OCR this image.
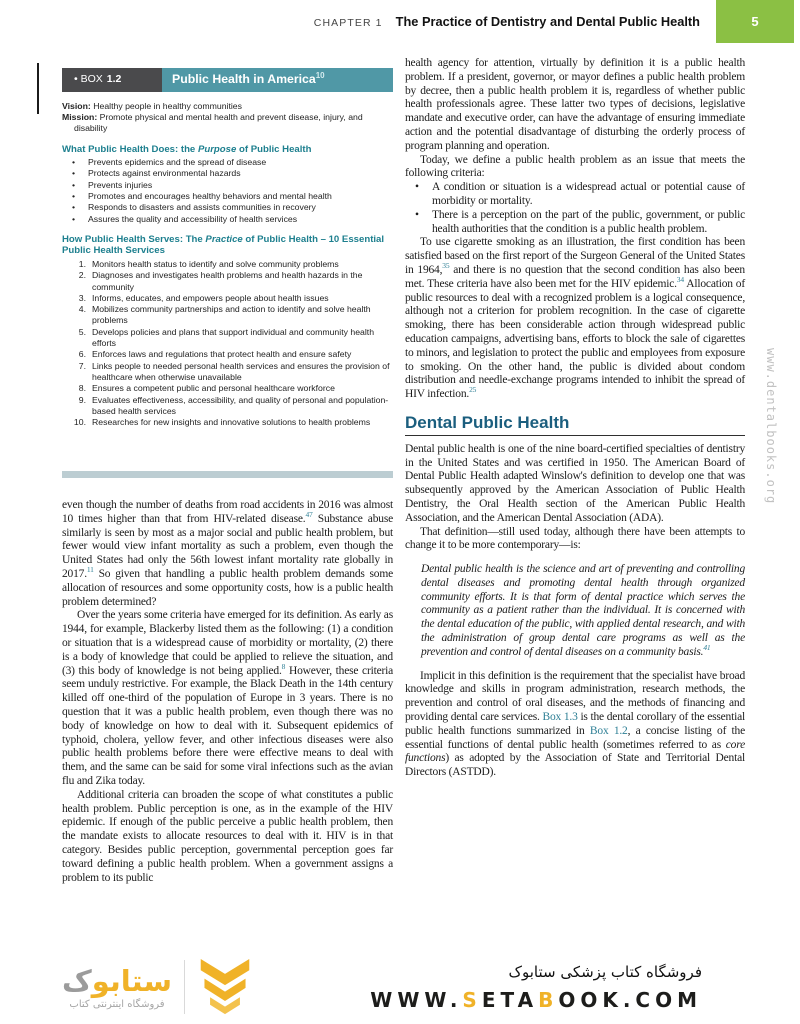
CHAPTER 1 The Practice of Dentistry and Dental Public Health	5
• BOX 1.2	Public Health in America$^{10}$

Vision: Healthy people in healthy communities

Mission: Promote physical and mental health and prevent disease, injury, and disability

What Public Health Does: the Purpose of Public Health
• Prevents epidemics and the spread of disease
• Protects against environmental hazards
• Prevents injuries
• Promotes and encourages healthy behaviors and mental health
• Responds to disasters and assists communities in recovery
• Assures the quality and accessibility of health services
How Public Health Serves: The Practice of Public Health – 10 Essential Public Health Services
Monitors health status to identify and solve community problems
Diagnoses and investigates health problems and health hazards in the community
Informs, educates, and empowers people about health issues
Mobilizes community partnerships and action to identify and solve health problems
Develops policies and plans that support individual and community health efforts
Enforces laws and regulations that protect health and ensure safety
Links people to needed personal health services and ensures the provision of healthcare when otherwise unavailable
Ensures a competent public and personal healthcare workforce
Evaluates effectiveness, accessibility, and quality of personal and population-based health services
Researches for new insights and innovative solutions to health problems

even though the number of deaths from road accidents in 2016 was almost 10 times higher than that from HIV-related disease.$^{47}$ Substance abuse similarly is seen by most as a major social and public health problem, but fewer would view infant mortality as such a problem, even though the United States had only the 56th lowest infant mortality rate globally in 2017.11 So given that handling a public health problem demands some allocation of resources and some opportunity costs, how is a public health problem determined?

Over the years some criteria have emerged for its definition. As early as 1944, for example, Blackerby listed them as the following: (1) a condition or situation that is a widespread cause of morbidity or mortality, (2) there is a body of knowledge that could be applied to relieve the situation, and (3) this body of knowledge is not being applied.$^8$ However, these criteria seem unduly restrictive. For example, the Black Death in the 14th century killed off one-third of the population of Europe in 3 years. There is no question that it was a public health problem, even though there was no body of knowledge on how to deal with it. Subsequent epidemics of typhoid, cholera, yellow fever, and other infectious diseases were also public health problems before there were effective means to deal with them, and the same can be said for some viral infections such as the avian flu and Zika today.

Additional criteria can broaden the scope of what constitutes a public health problem. Public perception is one, as in the example of the HIV epidemic. If enough of the public perceive a public health problem, then the mandate exists to allocate resources to deal with it. HIV is in that category. Besides public perception, governmental perception goes far toward defining a public health problem. When a government assigns a problem to its public

health agency for attention, virtually by definition it is a public health problem. If a president, governor, or mayor defines a public health problem by decree, then a public health problem it is, regardless of whether public health professionals agree. These latter two types of decisions, legislative mandate and executive order, can have the advantage of ensuring immediate action and the potential disadvantage of disturbing the orderly process of program planning and operation.

Today, we define a public health problem as an issue that meets the following criteria:

• A condition or situation is a widespread actual or potential cause of morbidity or mortality.
• There is a perception on the part of the public, government, or public health authorities that the condition is a public health problem.

To use cigarette smoking as an illustration, the first condition has been satisfied based on the first report of the Surgeon General of the United States in 1964,35 and there is no question that the second condition has also been met. These criteria have also been met for the HIV epidemic.$^{34}$ Allocation of public resources to deal with a recognized problem is a logical consequence, although not a criterion for problem recognition. In the case of cigarette smoking, there has been considerable action through widespread public education campaigns, advertising bans, efforts to block the sale of cigarettes to minors, and legislation to protect the public and employees from exposure to smoking. On the other hand, the public is divided about condom distribution and needle-exchange programs intended to inhibit the spread of HIV infection.$^{25}$

Dental Public Health

Dental public health is one of the nine board-certified specialties of dentistry in the United States and was certified in 1950. The American Board of Dental Public Health adapted Winslow's definition to develop one that was subsequently approved by the American Association of Public Health Dentistry, the Oral Health section of the American Public Health Association, and the American Dental Association (ADA).

That definition—still used today, although there have been attempts to change it to be more contemporary—is:

Dental public health is the science and art of preventing and controlling dental diseases and promoting dental health through organized community efforts. It is that form of dental practice which serves the community as a patient rather than the individual. It is concerned with the dental education of the public, with applied dental research, and with the administration of group dental care programs as well as the prevention and control of dental diseases on a community basis.$^{41}$

Implicit in this definition is the requirement that the specialist have broad knowledge and skills in program administration, research methods, the prevention and control of oral diseases, and the methods of financing and providing dental care services. Box 1.3 is the dental corollary of the essential public health functions summarized in Box 1.2, a concise listing of the essential functions of dental public health (sometimes referred to as core functions) as adopted by the Association of State and Territorial Dental Directors (ASTDD).

www.dentalbooks.org
ستابوک
فروشگاه اینترنتی کتاب
فروشگاه کتاب پزشکی ستابوک
WWW.SETABOOK.COM
